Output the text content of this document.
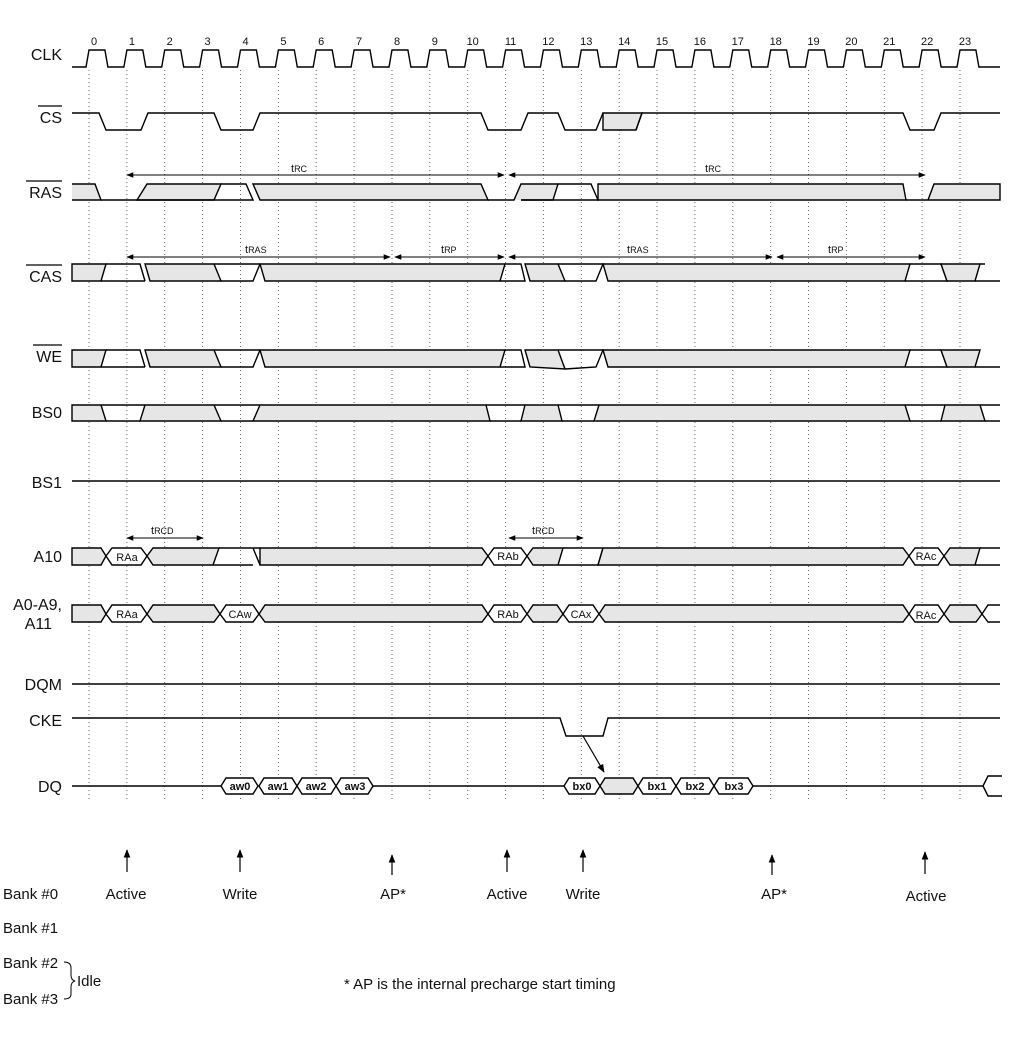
0	1	2	3	4	5	6	7	8	9	10 11 12 13 14 15 16 17 18 19 20 21 22 23
CLK
CS
RAS
CAS
WE
BS0
BS1
A10
A0-A9,
A11
DQM
CKE
DQ
tRC	tRC
tRAS	tRP	tRAS	tRP
tRCD	tRCD
RAa	RAb	RAc
RAa	CAw	RAb	CAx	RAc
aw0 aw1 aw2 aw3	bx0	bx1 bx2 bx3
Active	Write	AP*	Active	Write	AP*	Active
Bank #0
Bank #1
Bank #2
Bank #3
Idle	* AP is the internal precharge start timing
